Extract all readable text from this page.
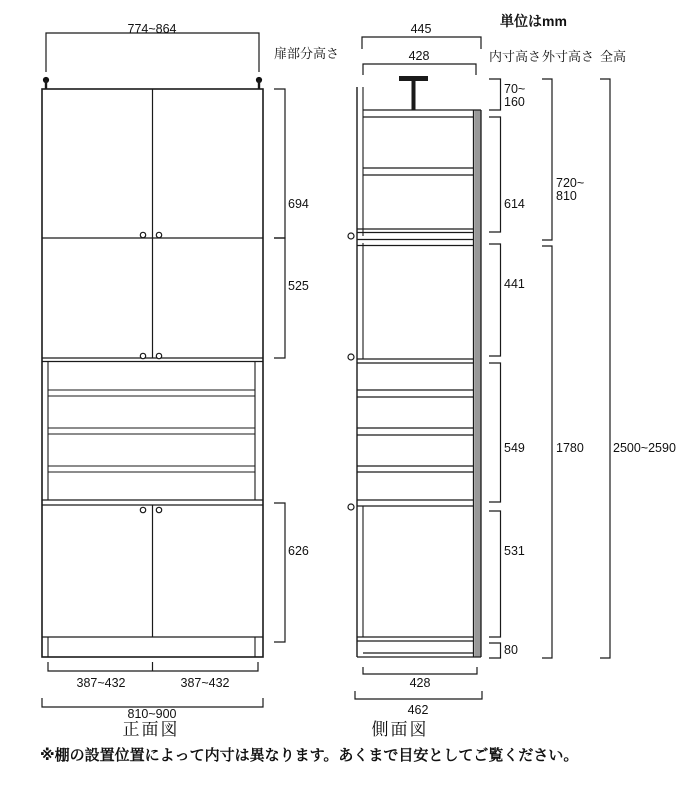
774~864	445
428
単位はmm
扉部分高さ	内寸高さ 外寸高さ 全高
70~
160
614
720~
810
441
549 1780 2500~2590
531
80
694
525
626
387~432	387~432
810~900
428
462
正面図	側面図
※棚の設置位置によって内寸は異なります。あくまで目安としてご覧ください。
